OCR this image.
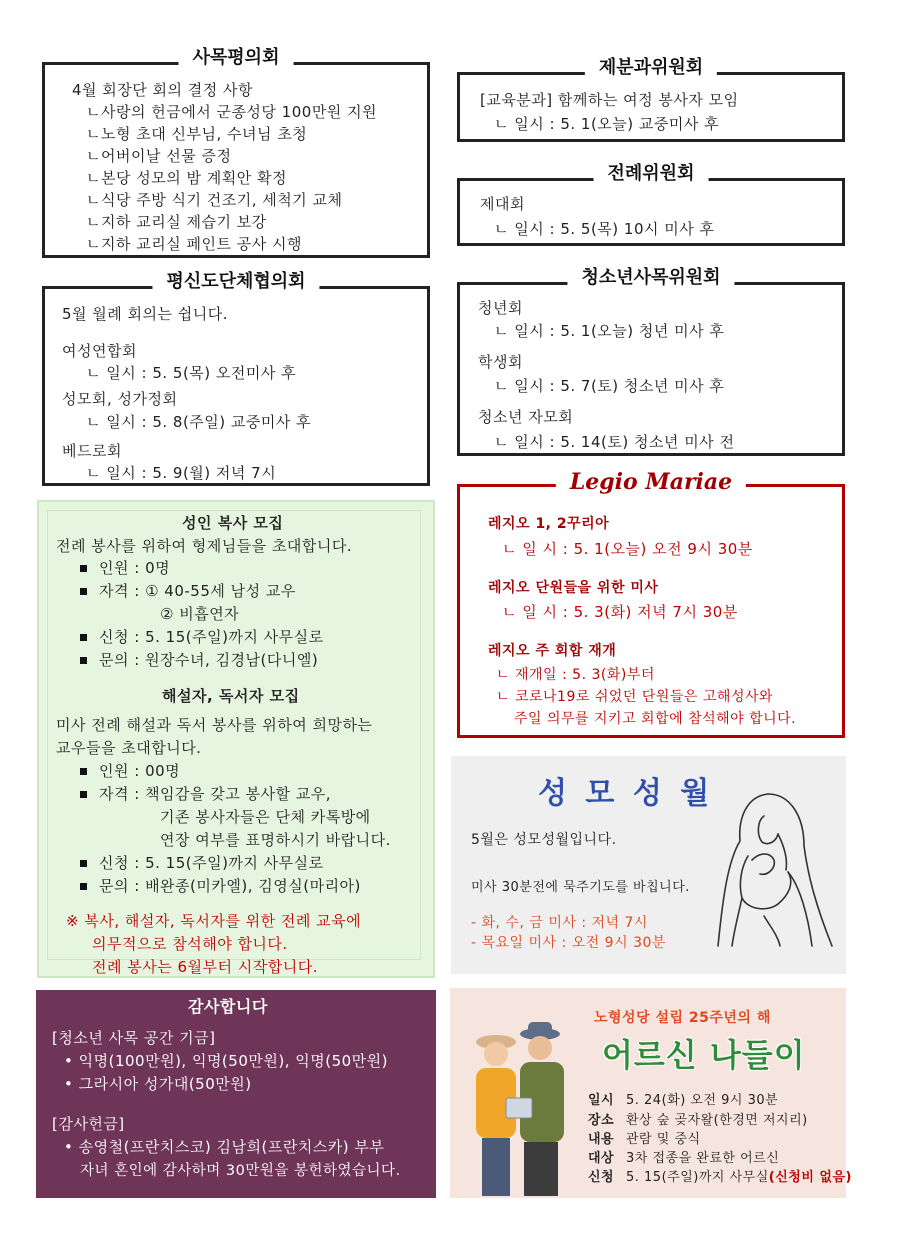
사목평의회
4월 회장단 회의 결정 사항
ㄴ사랑의 헌금에서 군종성당 100만원 지원
ㄴ노형 초대 신부님, 수녀님 초청
ㄴ어버이날 선물 증정
ㄴ본당 성모의 밤 계획안 확정
ㄴ식당 주방 식기 건조기, 세척기 교체
ㄴ지하 교리실 제습기 보강
ㄴ지하 교리실 페인트 공사 시행
평신도단체협의회
5월 월례 회의는 쉽니다.
여성연합회
ㄴ 일시 : 5. 5(목) 오전미사 후
성모회, 성가정회
ㄴ 일시 : 5. 8(주일) 교중미사 후
베드로회
ㄴ 일시 : 5. 9(월) 저녁 7시
제분과위원회
[교육분과] 함께하는 여정 봉사자 모임
ㄴ 일시 : 5. 1(오늘) 교중미사 후
전례위원회
제대회
ㄴ 일시 : 5. 5(목) 10시 미사 후
청소년사목위원회
청년회
ㄴ 일시 : 5. 1(오늘) 청년 미사 후
학생회
ㄴ 일시 : 5. 7(토) 청소년 미사 후
청소년 자모회
ㄴ 일시 : 5. 14(토) 청소년 미사 전
Legio Mariae
레지오 1, 2꾸리아
ㄴ 일 시 : 5. 1(오늘) 오전 9시 30분
레지오 단원들을 위한 미사
ㄴ 일 시 : 5. 3(화) 저녁 7시 30분
레지오 주 회합 재개
ㄴ 재개일 : 5. 3(화)부터
ㄴ 코로나19로 쉬었던 단원들은 고해성사와
주일 의무를 지키고 회합에 참석해야 합니다.
성인 복사 모집
전례 봉사를 위하여 형제님들을 초대합니다.
인원 : 0명
자격 : ① 40-55세 남성 교우
② 비흡연자
신청 : 5. 15(주일)까지 사무실로
문의 : 원장수녀, 김경남(다니엘)
해설자, 독서자 모집
미사 전례 해설과 독서 봉사를 위하여 희망하는
교우들을 초대합니다.
인원 : 00명
자격 : 책임감을 갖고 봉사할 교우,
기존 봉사자들은 단체 카톡방에
연장 여부를 표명하시기 바랍니다.
신청 : 5. 15(주일)까지 사무실로
문의 : 배완종(미카엘), 김영실(마리아)
※ 복사, 해설자, 독서자를 위한 전례 교육에
의무적으로 참석해야 합니다.
전례 봉사는 6월부터 시작합니다.
성 모 성 월
5월은 성모성월입니다.
미사 30분전에 묵주기도를 바칩니다.
- 화, 수, 금 미사 : 저녁 7시
- 목요일 미사 : 오전 9시 30분
감사합니다
[청소년 사목 공간 기금]
• 익명(100만원), 익명(50만원), 익명(50만원)
• 그라시아 성가대(50만원)
[감사헌금]
• 송영철(프란치스코) 김남희(프란치스카) 부부
자녀 혼인에 감사하며 30만원을 봉헌하였습니다.
노형성당 설립 25주년의 해
어르신 나들이
일시 5. 24(화) 오전 9시 30분
장소 환상 숲 곶자왈(한경면 저지리)
내용 관람 및 중식
대상 3차 접종을 완료한 어르신
신청 5. 15(주일)까지 사무실(신청비 없음)
